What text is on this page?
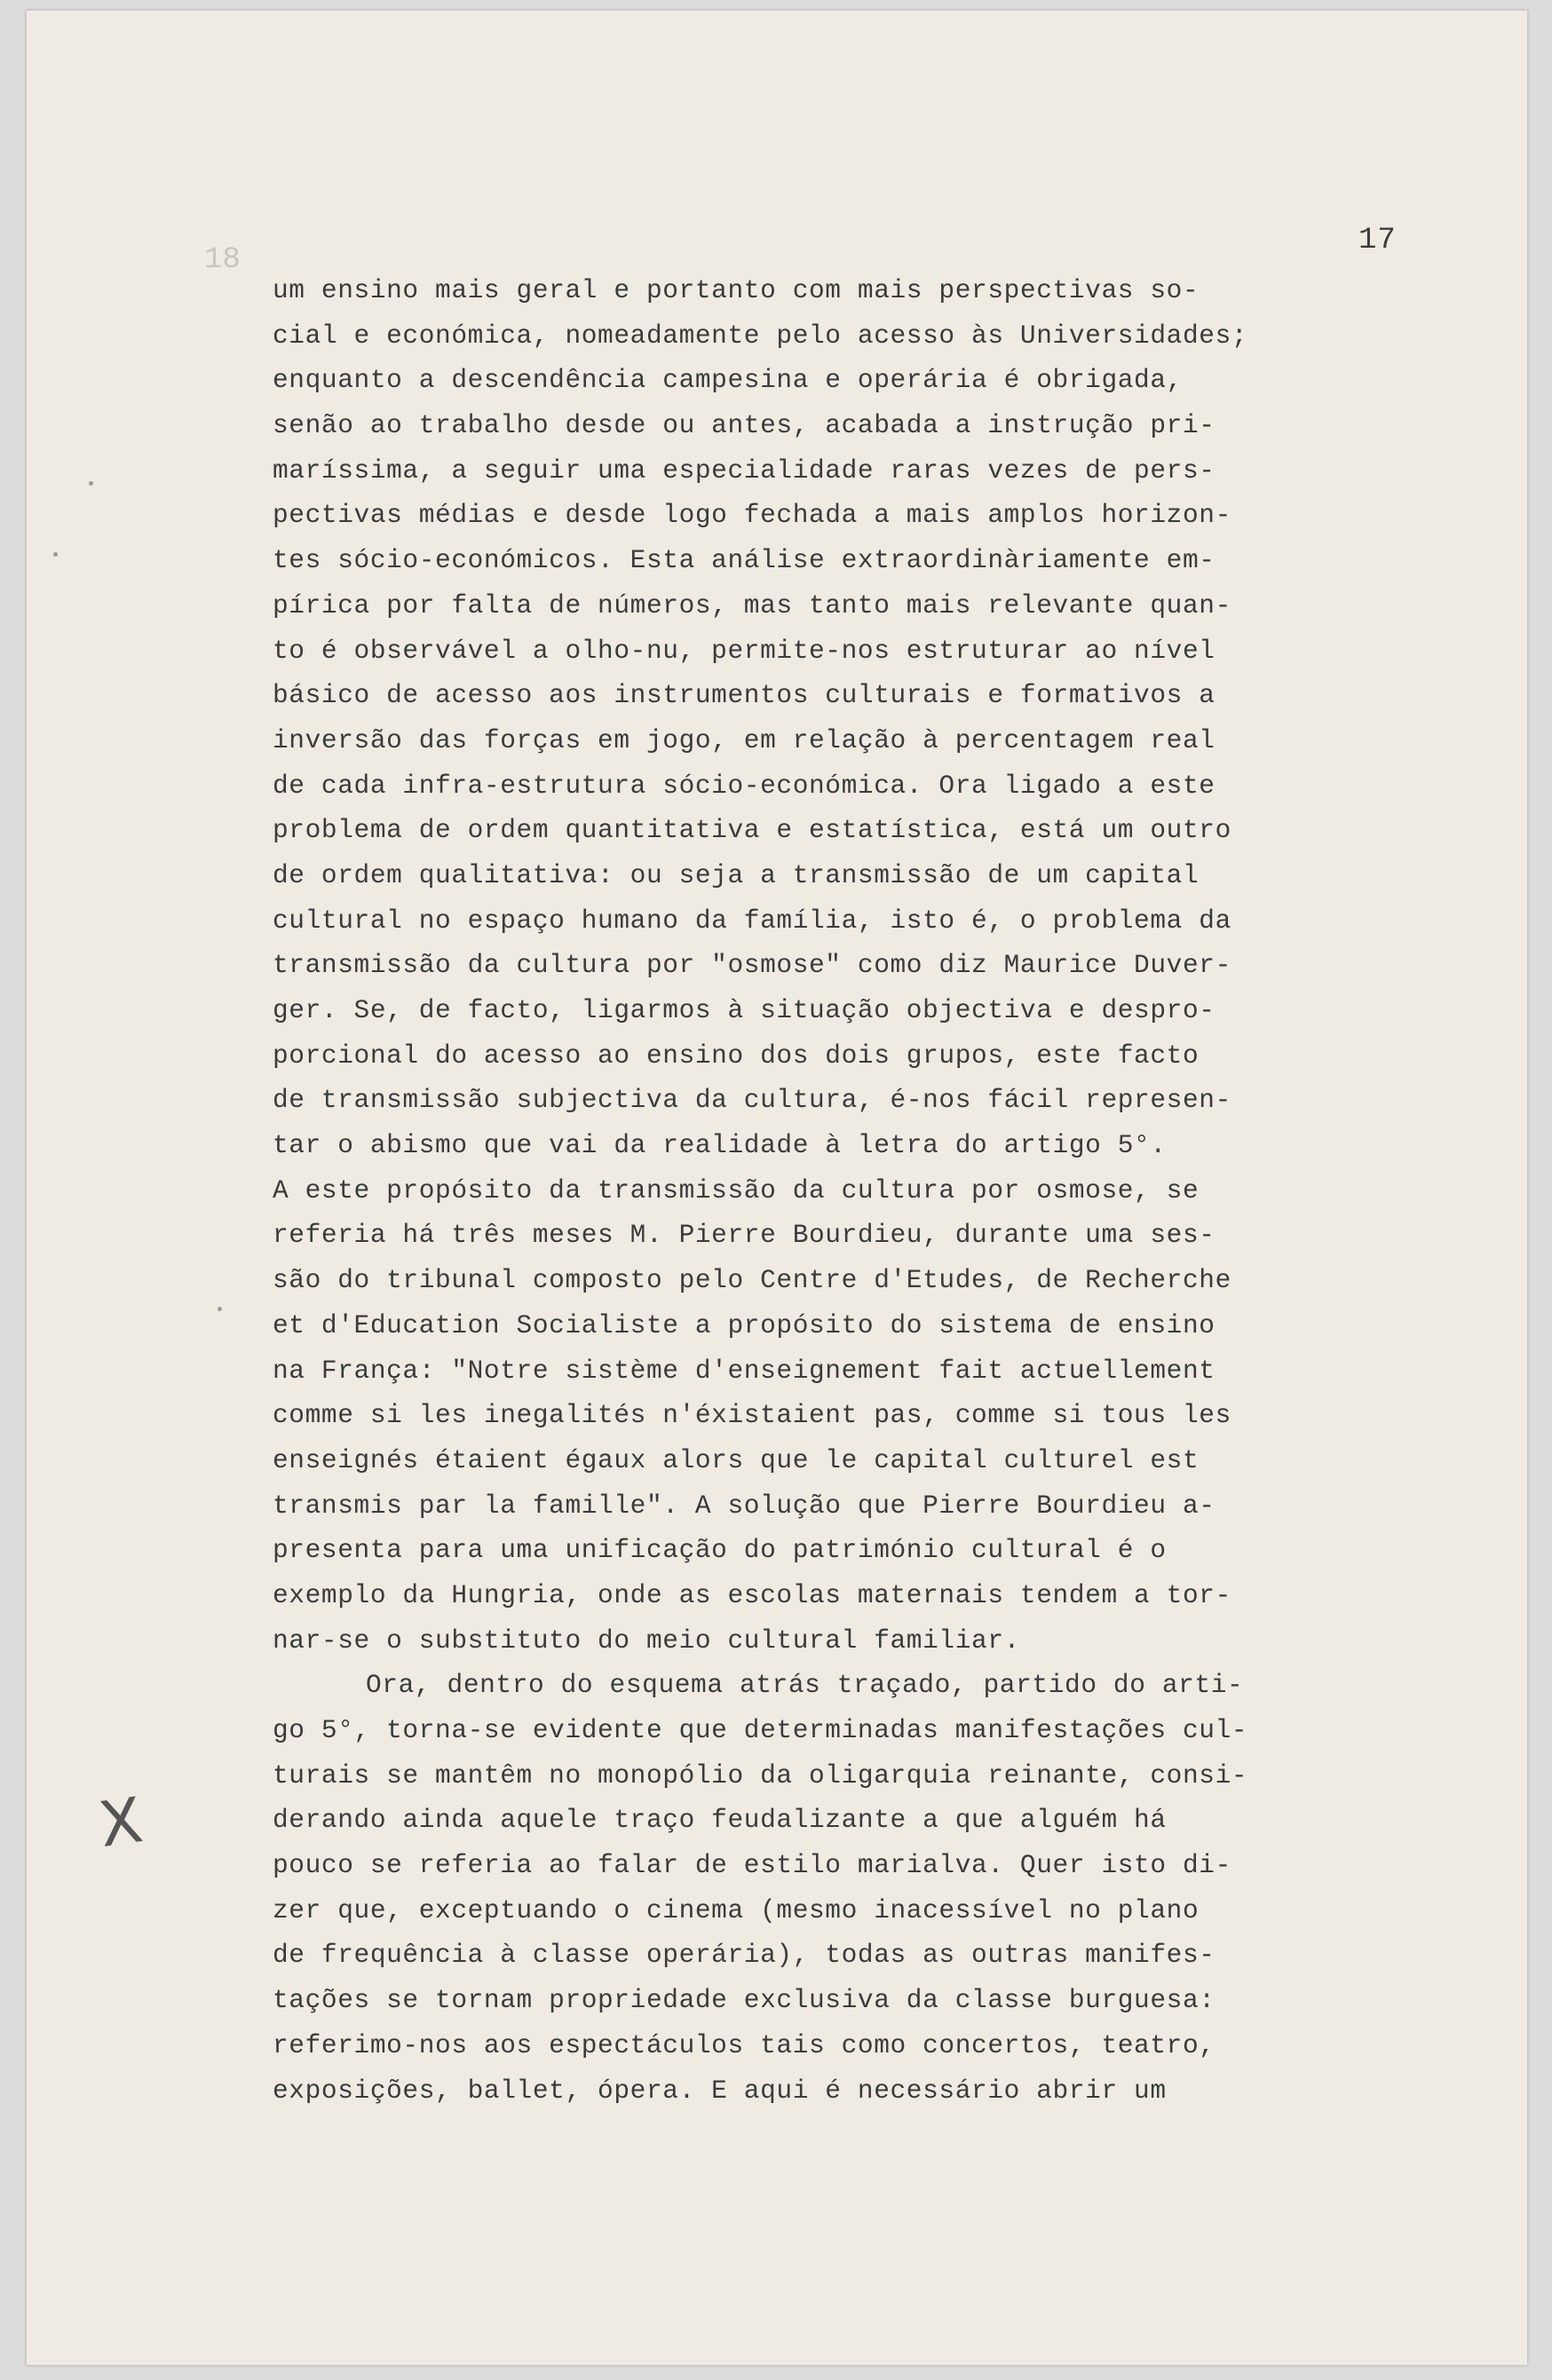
18
17
um ensino mais geral e portanto com mais perspectivas so-
cial e económica, nomeadamente pelo acesso às Universidades;
enquanto a descendência campesina e operária é obrigada,
senão ao trabalho desde ou antes, acabada a instrução pri-
maríssima, a seguir uma especialidade raras vezes de pers-
pectivas médias e desde logo fechada a mais amplos horizon-
tes sócio-económicos. Esta análise extraordinàriamente em-
pírica por falta de números, mas tanto mais relevante quan-
to é observável a olho-nu, permite-nos estruturar ao nível
básico de acesso aos instrumentos culturais e formativos a
inversão das forças em jogo, em relação à percentagem real
de cada infra-estrutura sócio-económica. Ora ligado a este
problema de ordem quantitativa e estatística, está um outro
de ordem qualitativa: ou seja a transmissão de um capital
cultural no espaço humano da família, isto é, o problema da
transmissão da cultura por "osmose" como diz Maurice Duver-
ger. Se, de facto, ligarmos à situação objectiva e despro-
porcional do acesso ao ensino dos dois grupos, este facto
de transmissão subjectiva da cultura, é-nos fácil represen-
tar o abismo que vai da realidade à letra do artigo 5°.
A este propósito da transmissão da cultura por osmose, se
referia há três meses M. Pierre Bourdieu, durante uma ses-
são do tribunal composto pelo Centre d'Etudes, de Recherche
et d'Education Socialiste a propósito do sistema de ensino
na França: "Notre sistème d'enseignement fait actuellement
comme si les inegalités n'éxistaient pas, comme si tous les
enseignés étaient égaux alors que le capital culturel est
transmis par la famille". A solução que Pierre Bourdieu a-
presenta para uma unificação do património cultural é o
exemplo da Hungria, onde as escolas maternais tendem a tor-
nar-se o substituto do meio cultural familiar.
Ora, dentro do esquema atrás traçado, partido do arti-
go 5°, torna-se evidente que determinadas manifestações cul-
turais se mantêm no monopólio da oligarquia reinante, consi-
derando ainda aquele traço feudalizante a que alguém há
pouco se referia ao falar de estilo marialva. Quer isto di-
zer que, exceptuando o cinema (mesmo inacessível no plano
de frequência à classe operária), todas as outras manifes-
tações se tornam propriedade exclusiva da classe burguesa:
referimo-nos aos espectáculos tais como concertos, teatro,
exposições, ballet, ópera. E aqui é necessário abrir um
X
